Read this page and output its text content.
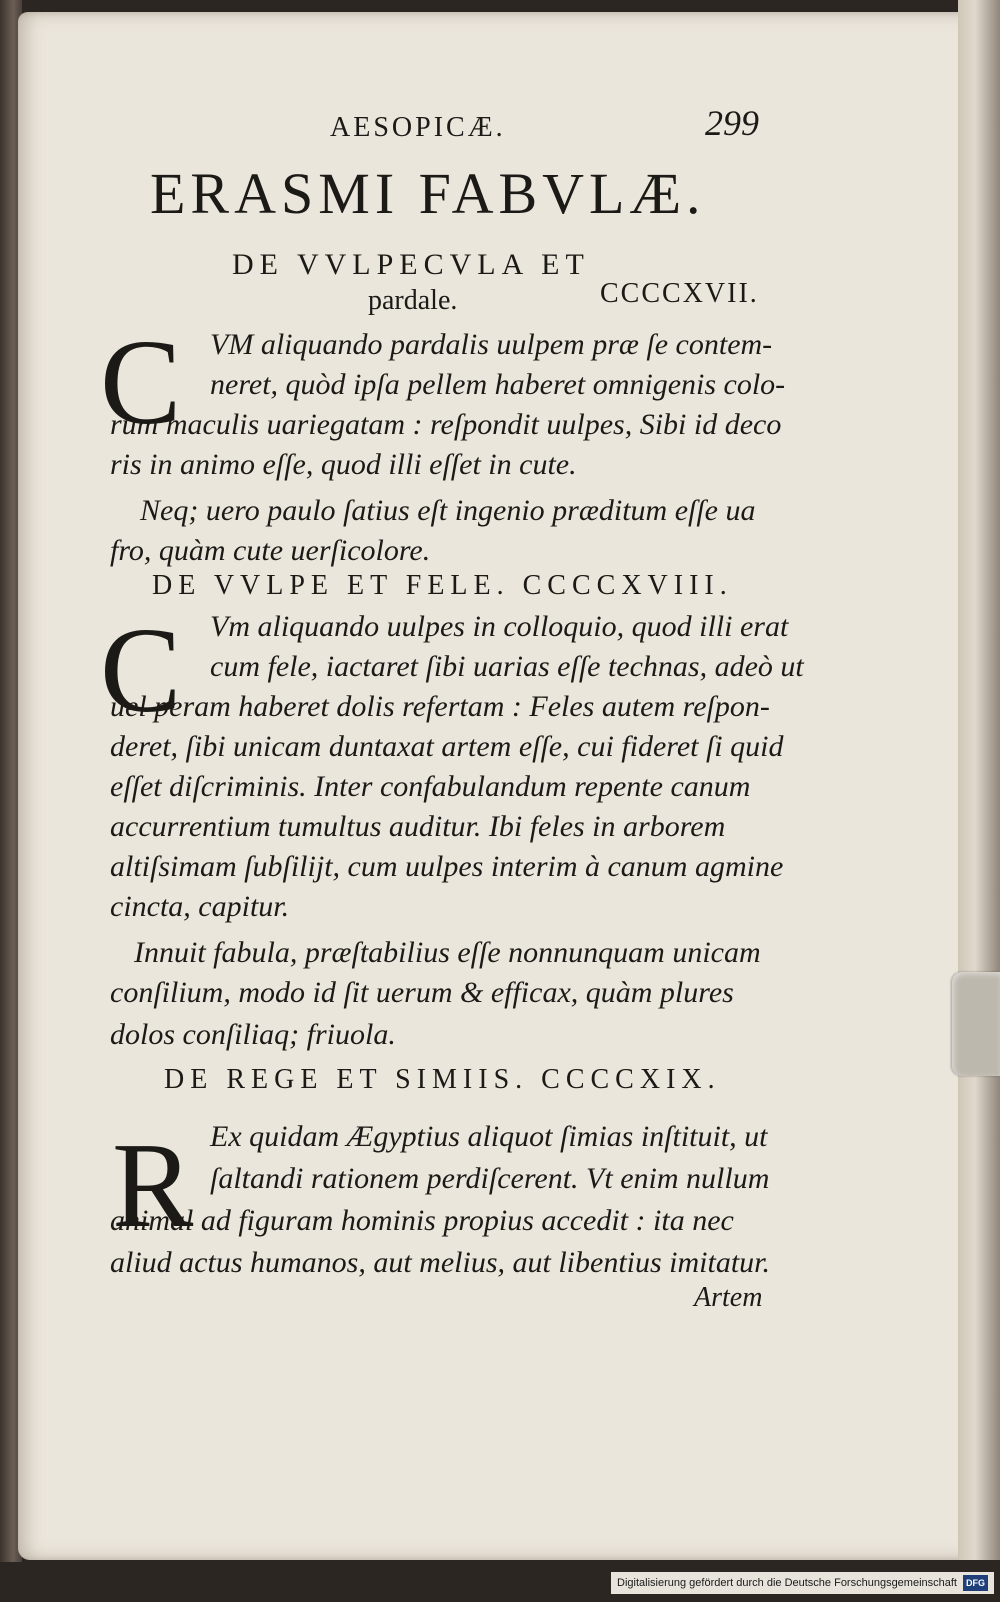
AESOPICÆ.	299
ERASMI FABVLÆ.
DE VVLPECVLA ET
pardale.	CCCCXVII.
C VM aliquando pardalis uulpem præ ſe contem-
neret, quòd ipſa pellem haberet omnigenis colo-
rum maculis uariegatam : reſpondit uulpes, Sibi id deco
ris in animo eſſe, quod illi eſſet in cute.
Neq; uero paulo ſatius eſt ingenio præditum eſſe ua
fro, quàm cute uerſicolore.
DE VVLPE ET FELE. CCCCXVIII.
C Vm aliquando uulpes in colloquio, quod illi erat
cum fele, iactaret ſibi uarias eſſe technas, adeò ut
uel peram haberet dolis refertam : Feles autem reſpon-
deret, ſibi unicam duntaxat artem eſſe, cui fideret ſi quid
eſſet diſcriminis. Inter confabulandum repente canum
accurrentium tumultus auditur. Ibi feles in arborem
altiſsimam ſubſilijt, cum uulpes interim à canum agmine
cincta, capitur.
Innuit fabula, præſtabilius eſſe nonnunquam unicam
conſilium, modo id ſit uerum & efficax, quàm plures
dolos conſiliaq; friuola.
DE REGE ET SIMIIS. CCCCXIX.
R Ex quidam Ægyptius aliquot ſimias inſtituit, ut
ſaltandi rationem perdiſcerent. Vt enim nullum
animal ad figuram hominis propius accedit : ita nec
aliud actus humanos, aut melius, aut libentius imitatur.
Artem
Digitalisierung gefördert durch die Deutsche Forschungsgemeinschaft	DFG
